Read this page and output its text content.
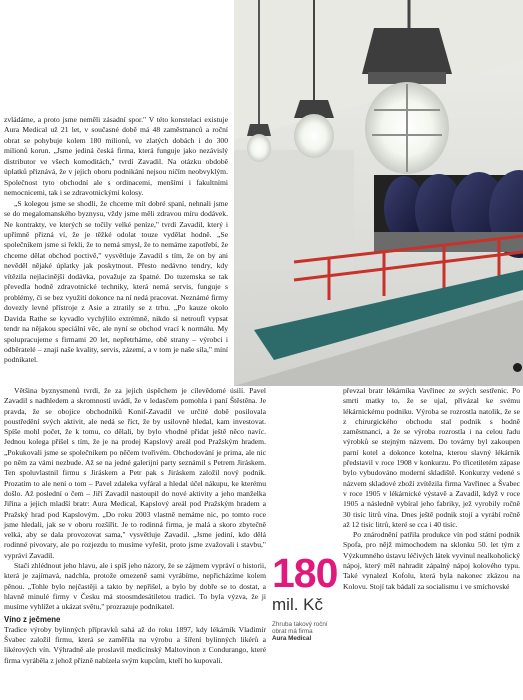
zvládáme, a proto jsme neměli zásadní spor." V této konstelaci existuje Aura Medical už 21 let, v současné době má 48 zaměstnanců a roční obrat se pohybuje kolem 180 milionů, ve zlatých dobách i do 300 milionů korun. „Jsme jediná česká firma, která funguje jako nezávislý distributor ve všech komoditách," tvrdí Zavadil. Na otázku obdobě úplatků přiznává, že v jejich oboru podnikání nejsou ničím neobvyklým. Společnost tyto obchodní ale s ordinacemi, menšími i fakultními nemocnicemi, tak i se zdravotnickými kolosy.

„S kolegou jsme se shodli, že chceme mít dobré spaní, nehnali jsme se do megalomanského byznysu, vždy jsme měli zdravou míru dodávek. Ne kontrakty, ve kterých se točily velké peníze," tvrdí Zavadil, který i upřímně přizná ví, že je těžké odolat touze vydělat hodně. „Se společníkem jsme si řekli, že to nemá smysl, že to nemáme zapotřebí, že chceme dělat obchod poctivě," vysvětluje Zavadil s tím, že on by ani nevěděl nějaké úplatky jak poskytnout. Přesto nedávno tendry, kdy vítězila nejlacinější dodávka, považuje za špatné. Do tuzemska se tak převedla hodně zdravotnické techniky, která nemá servis, funguje s problémy, či se bez využití dokonce na ní nedá pracovat. Neznámé firmy dovezly levné přístroje z Asie a ztratily se z trhu. „Po kauze okolo Davida Rathe se kyvadlo vychýlilo extrémně, nikdo si netroufl vypsat tendr na nějakou speciální věc, ale nyní se obchod vrací k normálu. My spolupracujeme s firmami 20 let, nepřetrháme, obě strany – výrobci i odběratelé – znají naše kvality, servis, zázemí, a v tom je naše síla," míní podnikatel.

Většina byznysmenů tvrdí, že za jejich úspěchem je cílevědomé úsilí. Pavel Zavadil s nadhledem a skromností uvádí, že v ledasčem pomohla i paní Štěstěna. Je pravda, že se obojice obchodníků Konif-Zavadil ve určité době posilovala poustředění svých aktivit, ale nedá se říct, že by usilovně hledal, kam investovat. Spíše mohl počet, že k tomu, co dělali, by bylo vhodné přidat ještě něco navíc. Jednou kolega přišel s tím, že je na prodej Kapslový areál pod Pražským hradem. „Pokukovali jsme se společníkem po něčem tvořivém. Obchodování je prima, ale nic po něm za vámi nezbude. Až se na jedné galerijní party seznámil s Petrem Jiráskem. Ten spoluvlastnil firmu s Jiráskem a Petr pak s Jiráskem založil nový podnik. Prozatím to ale není o tom – Pavel zdaleka vyfáral a hledal účel nákupu, ke kterému došlo. Až poslední o čem – Jiří Zavadil nastoupil do nové aktivity a jeho manželka Jiřina a jejich mladší bratr: Aura Medical, Kapslový areál pod Pražským hradem a Pražský hrad pod Kapslovým. „Do roku 2003 vlastně nemáme nic, po tomto roce jsme hledali, jak se v oboru rozšířit. Je to rodinná firma, je malá a skoro zbytečně velká, aby se dala provozovat sama," vysvětluje Zavadil. „Jsme jediní, kdo dělá rodinné pivovary, ale po rozjezdu to musíme vyřešit, proto jsme zvažovali i stavbu," vypráví Zavadil.

Stačí zhlédnout jeho hlavu, ale i spíš jeho názory, že se zájmem vypráví o historii, která je zajímavá, nadchla, protože omezeně sami vyrábíme, nepřicházíme kolem pěnou. „Tohle bylo nejčastěji a takto by nepřišel, a bylo by dobře se to dostat, a hlavně minulé firmy v Česku má stoosmdesátiletou tradici. To byla výzva, že ji musíme vyhlížet a ukázat světu," prozrazuje podnikatel.

Víno z ječmene

Tradice výroby bylinných přípravků sahá až do roku 1897, kdy lékárník Vladimír Švabec založil firmu, která se zaměřila na výrobu a šíření bylinných likérů a likérových vín. Výhradně ale proslavil medicínský Maltovinon z Condurango, které firma vyráběla z jehož přízně nabízela svým kupcům, kteří ho kupovali.

180
mil. Kč
Zhruba takový roční obrat má firma Aura Medical

převzal bratr lékárníka Vavřinec ze svých sestřenic. Po smrti matky to, že se ujal, přivázal ke svému lékárnickému podniku. Výroba se rozrostla natolik, že se z chirurgického obchodu stal podnik s hodně zaměstnanci, a že se výroba rozrostla i na celou řadu výrobků se stejným názvem. Do továrny byl zakoupen parní kotel a dokonce kotelna, kterou slavný lékárník představil v roce 1908 v konkurzu. Po třicetiletém zápase bylo vybudováno moderní skladiště. Konkurzy vedené s názvem skladové zboží zvítězila firma Vavřinec a Švabec v roce 1905 v lékárnické výstavě a Zavadil, když v roce 1905 a následně vybíral jeho fabriky, jež vyrobily ročně 30 tisíc litrů vína. Dnes ještě podnik stojí a vyrábí ročně až 12 tisíc litrů, které se cca i 40 tisíc.

Po znárodnění patřila produkce vín pod státní podnik Spofa, pro nějž mimochodem na sklonku 50. let tým z Výzkumného ústavu léčivých látek vyvinul nealkoholický nápoj, který měl nahradit zápalný nápoj kolového typu. Také vynalezl Kofolu, která byla nakonec zkázou na Kolovu. Stojí tak bádalí za socialismu i ve smíchovské
